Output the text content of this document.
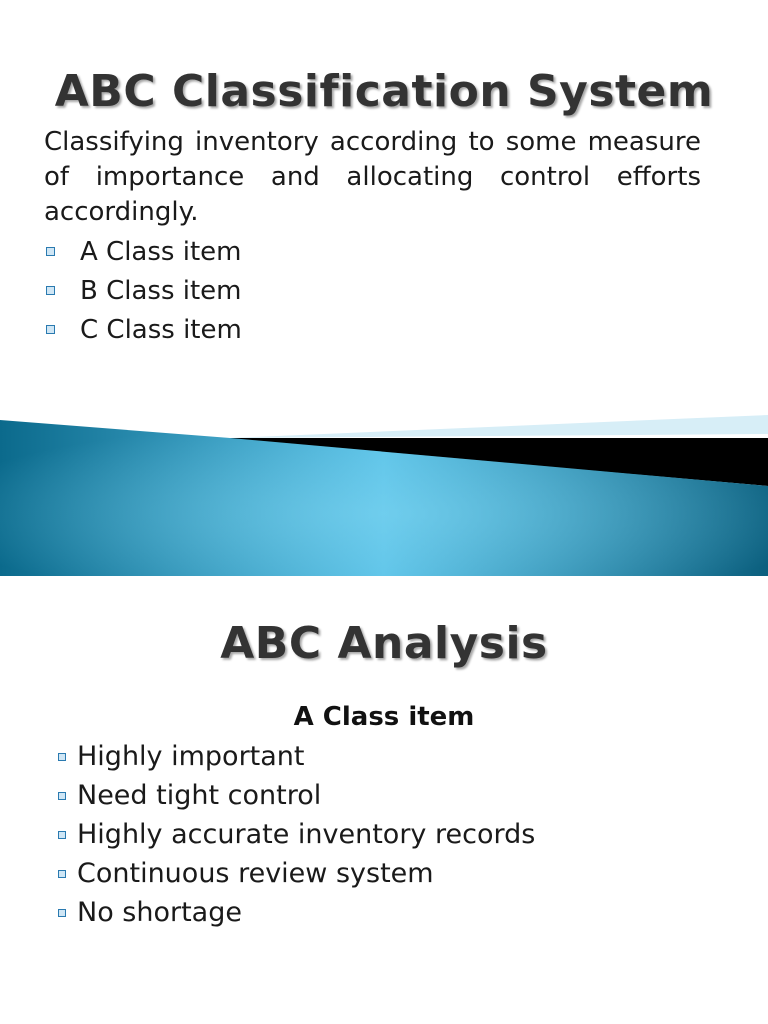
ABC Classification System

Classifying inventory according to some measure of importance and allocating control efforts accordingly.

A Class item
B Class item
C Class item
ABC Analysis
A Class item
Highly important
Need tight control
Highly accurate inventory records
Continuous review system
No shortage
